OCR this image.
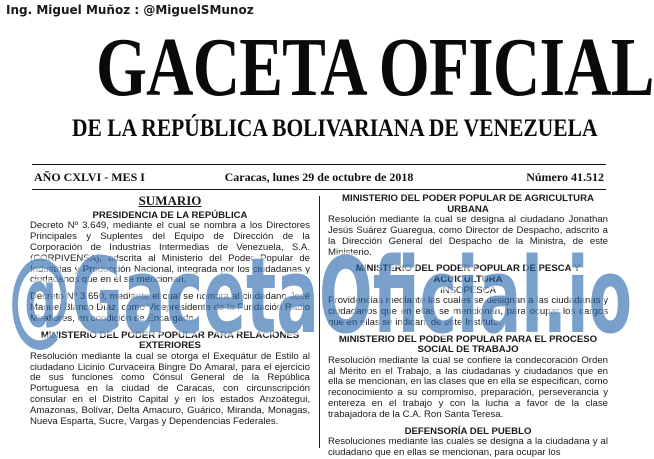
Ing. Miguel Muñoz : @MiguelSMunoz
GACETA OFICIAL
DE LA REPÚBLICA BOLIVARIANA DE VENEZUELA
AÑO CXLVI - MES I	Caracas, lunes 29 de octubre de 2018	Número 41.512
SUMARIO
PRESIDENCIA DE LA REPÚBLICA

Decreto Nº 3.649, mediante el cual se nombra a los Directores Principales y Suplentes del Equipo de Dirección de la Corporación de Industrias Intermedias de Venezuela, S.A. (CORPIVENSA), adscrita al Ministerio del Poder Popular de Industrias y Producción Nacional, integrada por los ciudadanas y ciudadanos que en él se mencionan.

Decreto Nº 3.650, mediante el cual se nombra al ciudadano José Manuel Blanco Díaz, como Vicepresidente de la Fundación Radio Miraflores, en condición de Encargado.

MINISTERIO DEL PODER POPULAR PARA RELACIONES EXTERIORES

Resolución mediante la cual se otorga el Exequátur de Estilo al ciudadano Licinio Curvaceira Bingre Do Amaral, para el ejercicio de sus funciones como Cónsul General de la República Portuguesa en la ciudad de Caracas, con circunscripción consular en el Distrito Capital y en los estados Anzoátegui, Amazonas, Bolívar, Delta Amacuro, Guárico, Miranda, Monagas, Nueva Esparta, Sucre, Vargas y Dependencias Federales.

MINISTERIO DEL PODER POPULAR DE AGRICULTURA URBANA

Resolución mediante la cual se designa al ciudadano Jonathan Jesús Suárez Guaregua, como Director de Despacho, adscrito a la Dirección General del Despacho de la Ministra, de este Ministerio.

MINISTERIO DEL PODER POPULAR DE PESCA Y ACUICULTURA
INSOPESCA

Providencias mediante las cuales se designan a las ciudadanas y ciudadanos que en ellas se mencionan, para ocupar los cargos que en ellas se indican, de este Instituto.

MINISTERIO DEL PODER POPULAR PARA EL PROCESO SOCIAL DE TRABAJO

Resolución mediante la cual se confiere la condecoración Orden al Mérito en el Trabajo, a las ciudadanas y ciudadanos que en ella se mencionan, en las clases que en ella se especifican, como reconocimiento a su compromiso, preparación, perseverancia y entereza en el trabajo y con la lucha a favor de la clase trabajadora de la C.A. Ron Santa Teresa.

DEFENSORÍA DEL PUEBLO

Resoluciones mediante las cuales se designa a la ciudadana y al ciudadano que en ellas se mencionan, para ocupar los

@GacetaOficial.io
